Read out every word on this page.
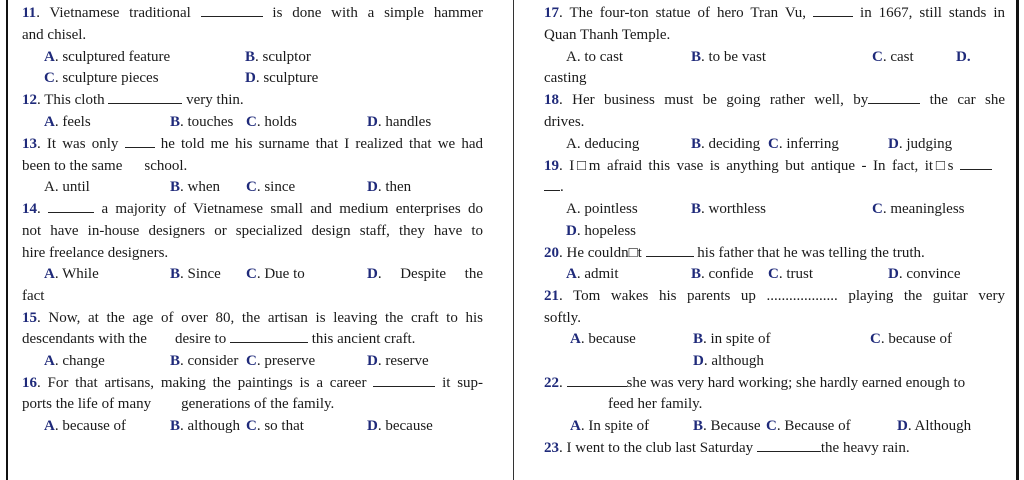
11. Vietnamese traditional	is done with a simple hammer
and chisel.
A. sculptured feature	B. sculptor
C. sculpture pieces	D. sculpture
12. This cloth	very thin.
A. feels	B. touches C. holds	D. handles
13. It was only	he told me his surname that I realized that we had
been to the same school.
A. until	B. when C. since	D. then
14.	a majority of Vietnamese small and medium enterprises do
not have in-house designers or specialized design staff, they have to
hire freelance designers.
A. While	B. Since C. Due to	D. Despite the
fact
15. Now, at the age of over 80, the artisan is leaving the craft to his
descendants with the desire to	this ancient craft.
A. change	B. consider C. preserve	D. reserve
16. For that artisans, making the paintings is a career	it sup-
ports the life of many generations of the family.
A. because of	B. although C. so that	D. because
17. The four-ton statue of hero Tran Vu,	in 1667, still stands in
Quan Thanh Temple.
A. to cast	B. to be vast	C. cast	D.
casting
18. Her business must be going rather well, by	the car she
drives.
A. deducing	B. deciding C. inferring	D. judging
19. I□m afraid this vase is anything but antique - In fact, it□s
.
A. pointless	B. worthless	C. meaningless
D. hopeless
20. He couldn□t	his father that he was telling the truth.
A. admit	B. confide C. trust	D. convince
21. Tom wakes his parents up ................... playing the guitar very
softly.
A. because	B. in spite of	C. because of
D. although
22.	she was very hard working; she hardly earned enough to
feed her family.
A. In spite of	B. Because C. Because of	D. Although
23. I went to the club last Saturday	the heavy rain.
